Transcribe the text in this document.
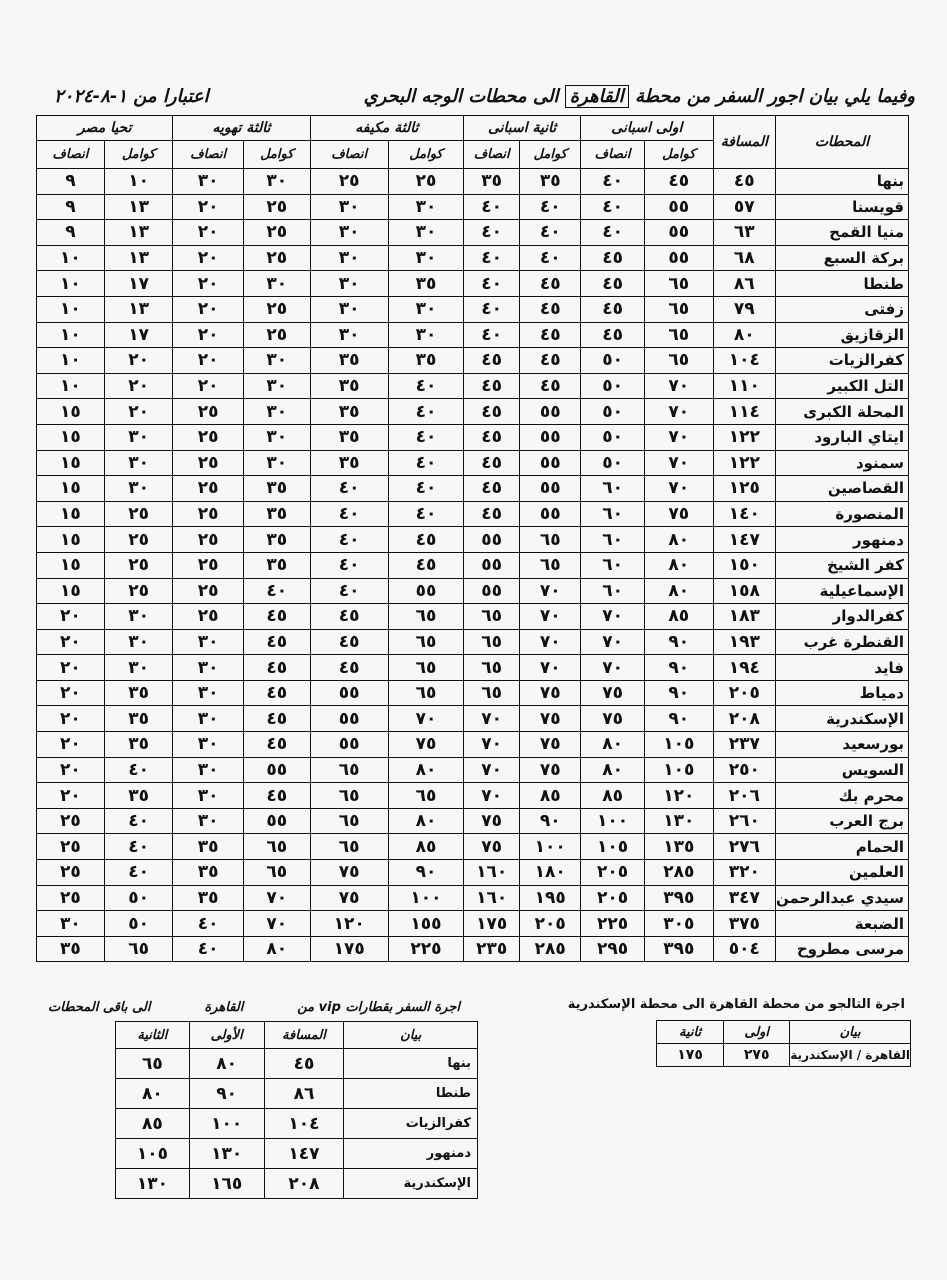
وفيما يلي بيان اجور السفر من محطة القاهرة الى محطات الوجه البحري
اعتبارا من ١-٨-٢٠٢٤
المحطات	المسافة	اولى اسبانى		ثانية اسبانى		ثالثة مكيفه		ثالثة تهويه		تحيا مصر	
		كوامل	انصاف	كوامل	انصاف	كوامل	انصاف	كوامل	انصاف	كوامل	انصاف
بنها	٤٥	٤٥	٤٠	٣٥	٣٥	٢٥	٢٥	٣٠	٣٠	١٠	٩
قويسنا	٥٧	٥٥	٤٠	٤٠	٤٠	٣٠	٣٠	٢٥	٢٠	١٣	٩
منيا القمح	٦٣	٥٥	٤٠	٤٠	٤٠	٣٠	٣٠	٢٥	٢٠	١٣	٩
بركة السبع	٦٨	٥٥	٤٥	٤٠	٤٠	٣٠	٣٠	٢٥	٢٠	١٣	١٠
طنطا	٨٦	٦٥	٤٥	٤٥	٤٠	٣٥	٣٠	٣٠	٢٠	١٧	١٠
زفتى	٧٩	٦٥	٤٥	٤٥	٤٠	٣٠	٣٠	٢٥	٢٠	١٣	١٠
الزقازيق	٨٠	٦٥	٤٥	٤٥	٤٠	٣٠	٣٠	٢٥	٢٠	١٧	١٠
كفرالزيات	١٠٤	٦٥	٥٠	٤٥	٤٥	٣٥	٣٥	٣٠	٢٠	٢٠	١٠
التل الكبير	١١٠	٧٠	٥٠	٤٥	٤٥	٤٠	٣٥	٣٠	٢٠	٢٠	١٠
المحلة الكبرى	١١٤	٧٠	٥٠	٥٥	٤٥	٤٠	٣٥	٣٠	٢٥	٢٠	١٥
ايتاي البارود	١٢٢	٧٠	٥٠	٥٥	٤٥	٤٠	٣٥	٣٠	٢٥	٣٠	١٥
سمنود	١٢٢	٧٠	٥٠	٥٥	٤٥	٤٠	٣٥	٣٠	٢٥	٣٠	١٥
القصاصين	١٢٥	٧٠	٦٠	٥٥	٤٥	٤٠	٤٠	٣٥	٢٥	٣٠	١٥
المنصورة	١٤٠	٧٥	٦٠	٥٥	٤٥	٤٠	٤٠	٣٥	٢٥	٢٥	١٥
دمنهور	١٤٧	٨٠	٦٠	٦٥	٥٥	٤٥	٤٠	٣٥	٢٥	٢٥	١٥
كفر الشيخ	١٥٠	٨٠	٦٠	٦٥	٥٥	٤٥	٤٠	٣٥	٢٥	٢٥	١٥
الإسماعيلية	١٥٨	٨٠	٦٠	٧٠	٥٥	٥٥	٤٠	٤٠	٢٥	٢٥	١٥
كفرالدوار	١٨٣	٨٥	٧٠	٧٠	٦٥	٦٥	٤٥	٤٥	٢٥	٣٠	٢٠
القنطرة غرب	١٩٣	٩٠	٧٠	٧٠	٦٥	٦٥	٤٥	٤٥	٣٠	٣٠	٢٠
فايد	١٩٤	٩٠	٧٠	٧٠	٦٥	٦٥	٤٥	٤٥	٣٠	٣٠	٢٠
دمياط	٢٠٥	٩٠	٧٥	٧٥	٦٥	٦٥	٥٥	٤٥	٣٠	٣٥	٢٠
الإسكندرية	٢٠٨	٩٠	٧٥	٧٥	٧٠	٧٠	٥٥	٤٥	٣٠	٣٥	٢٠
بورسعيد	٢٣٧	١٠٥	٨٠	٧٥	٧٠	٧٥	٥٥	٤٥	٣٠	٣٥	٢٠
السويس	٢٥٠	١٠٥	٨٠	٧٥	٧٠	٨٠	٦٥	٥٥	٣٠	٤٠	٢٠
محرم بك	٢٠٦	١٢٠	٨٥	٨٥	٧٠	٦٥	٦٥	٤٥	٣٠	٣٥	٢٠
برج العرب	٢٦٠	١٣٠	١٠٠	٩٠	٧٥	٨٠	٦٥	٥٥	٣٠	٤٠	٢٥
الحمام	٢٧٦	١٣٥	١٠٥	١٠٠	٧٥	٨٥	٦٥	٦٥	٣٥	٤٠	٢٥
العلمين	٣٢٠	٢٨٥	٢٠٥	١٨٠	١٦٠	٩٠	٧٥	٦٥	٣٥	٤٠	٢٥
سيدي عبدالرحمن	٣٤٧	٣٩٥	٢٠٥	١٩٥	١٦٠	١٠٠	٧٥	٧٠	٣٥	٥٠	٢٥
الضبعة	٣٧٥	٣٠٥	٢٢٥	٢٠٥	١٧٥	١٥٥	١٢٠	٧٠	٤٠	٥٠	٣٠
مرسى مطروح	٥٠٤	٣٩٥	٢٩٥	٢٨٥	٢٣٥	٢٢٥	١٧٥	٨٠	٤٠	٦٥	٣٥
اجرة السفر بقطارات vip من
القاهرة
الى باقى المحطات
بيان	المسافة	الأولى	الثانية
بنها	٤٥	٨٠	٦٥
طنطا	٨٦	٩٠	٨٠
كفرالزيات	١٠٤	١٠٠	٨٥
دمنهور	١٤٧	١٣٠	١٠٥
الإسكندرية	٢٠٨	١٦٥	١٣٠
اجرة التالجو من محطة القاهرة الى محطة الإسكندرية
بيان	اولى	ثانية
القاهرة / الإسكندرية	٢٧٥	١٧٥
